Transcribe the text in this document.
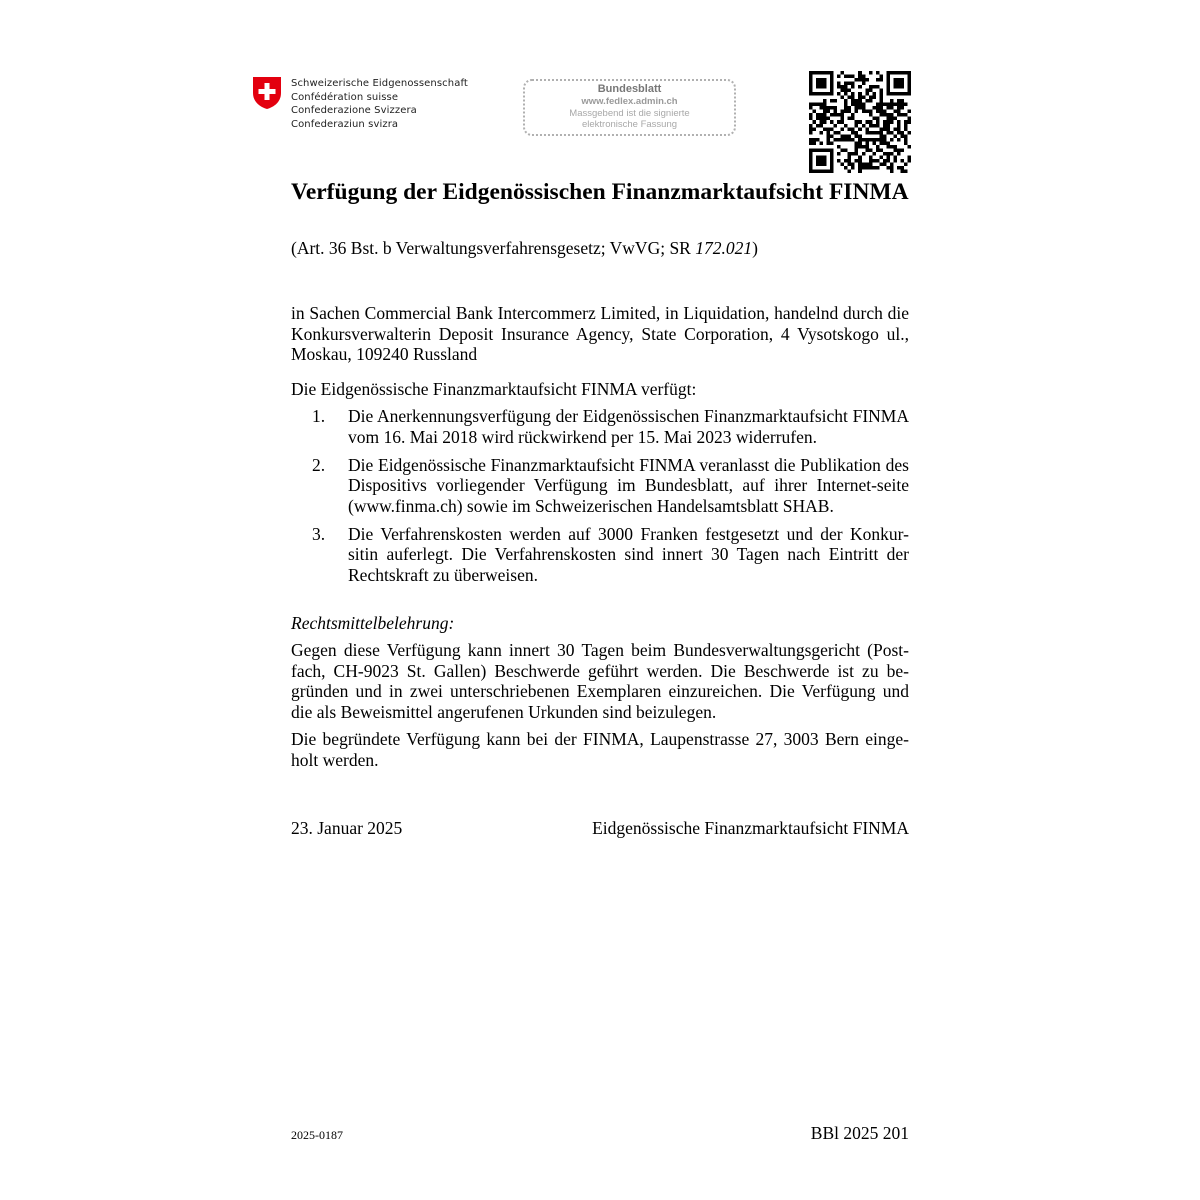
Schweizerische Eidgenossenschaft
Confédération suisse
Confederazione Svizzera
Confederaziun svizra
Bundesblatt
www.fedlex.admin.ch
Massgebend ist die signierte
elektronische Fassung
Verfügung der Eidgenössischen Finanzmarktaufsicht FINMA
(Art. 36 Bst. b Verwaltungsverfahrensgesetz; VwVG; SR 172.021)
in Sachen Commercial Bank Intercommerz Limited, in Liquidation, handelnd durch die Konkursverwalterin Deposit Insurance Agency, State Corporation, 4 Vysotskogo ul., Moskau, 109240 Russland
Die Eidgenössische Finanzmarktaufsicht FINMA verfügt:
1. Die Anerkennungsverfügung der Eidgenössischen Finanzmarktaufsicht FINMA vom 16. Mai 2018 wird rückwirkend per 15. Mai 2023 widerrufen.
2. Die Eidgenössische Finanzmarktaufsicht FINMA veranlasst die Publikation des Dispositivs vorliegender Verfügung im Bundesblatt, auf ihrer Internet-seite (www.finma.ch) sowie im Schweizerischen Handelsamtsblatt SHAB.
3. Die Verfahrenskosten werden auf 3000 Franken festgesetzt und der Konkur-sitin auferlegt. Die Verfahrenskosten sind innert 30 Tagen nach Eintritt der Rechtskraft zu überweisen.
Rechtsmittelbelehrung:
Gegen diese Verfügung kann innert 30 Tagen beim Bundesverwaltungsgericht (Post-fach, CH-9023 St. Gallen) Beschwerde geführt werden. Die Beschwerde ist zu be-gründen und in zwei unterschriebenen Exemplaren einzureichen. Die Verfügung und die als Beweismittel angerufenen Urkunden sind beizulegen.
Die begründete Verfügung kann bei der FINMA, Laupenstrasse 27, 3003 Bern einge-holt werden.
23. Januar 2025	Eidgenössische Finanzmarktaufsicht FINMA
2025-0187	BBl 2025 201
